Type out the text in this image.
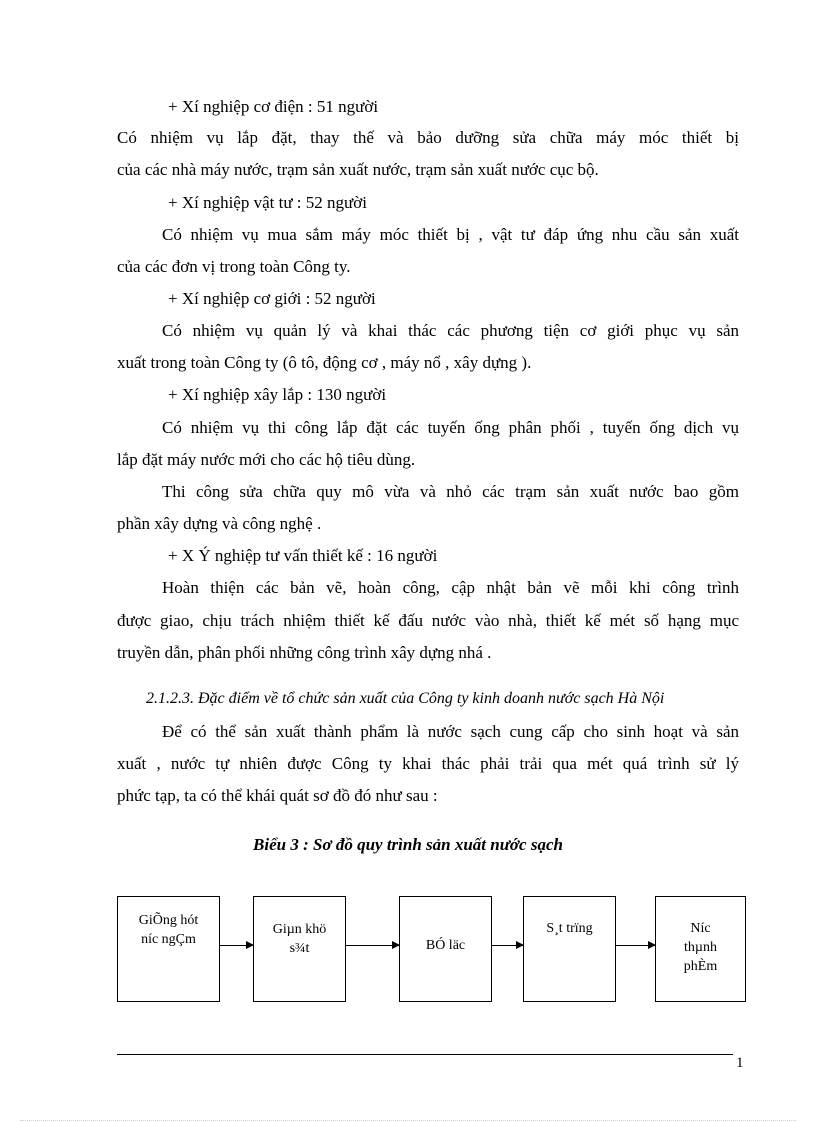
+ Xí nghiệp cơ điện : 51 người
Có nhiệm vụ lắp đặt, thay thế và bảo dưỡng sửa chữa máy móc thiết bị
của các nhà máy nước, trạm sản xuất nước, trạm sản xuất nước cục bộ.
+ Xí nghiệp vật tư : 52 người
Có nhiệm vụ mua sắm máy móc thiết bị , vật tư đáp ứng nhu cầu sản xuất
của các đơn vị trong toàn Công ty.
+ Xí nghiệp cơ giới : 52 người
Có nhiệm vụ quản lý và khai thác các phương tiện cơ giới phục vụ sản
xuất trong toàn Công ty (ô tô, động cơ , máy nổ , xây dựng ).
+ Xí nghiệp xây lắp : 130 người
Có nhiệm vụ thi công lắp đặt các tuyến ống phân phối , tuyến ống dịch vụ
lắp đặt máy nước mới cho các hộ tiêu dùng.
Thi công sửa chữa quy mô vừa và nhỏ các trạm sản xuất nước bao gồm
phần xây dựng và công nghệ .
+ X Ý nghiệp tư vấn thiết kế : 16 người
Hoàn thiện các bản vẽ, hoàn công, cập nhật bản vẽ mỗi khi công trình
được giao, chịu trách nhiệm thiết kế đấu nước vào nhà, thiết kế mét số hạng mục
truyền dẫn, phân phối những công trình xây dựng nhá .
2.1.2.3. Đặc điểm về tổ chức sản xuất của Công ty kinh doanh nước sạch Hà Nội
Để có thể sản xuất thành phẩm là nước sạch cung cấp cho sinh hoạt và sản
xuất , nước tự nhiên được Công ty khai thác phải trải qua mét quá trình sử lý
phức tạp, ta có thể khái quát sơ đồ đó như sau :
Biểu 3 : Sơ đồ quy trình sản xuất nước sạch
GiÕng hót
níc ngÇm
Giµn khö
s¾t	BÓ läc
S¸t trïng	Níc
thµnh
phÈm
1
